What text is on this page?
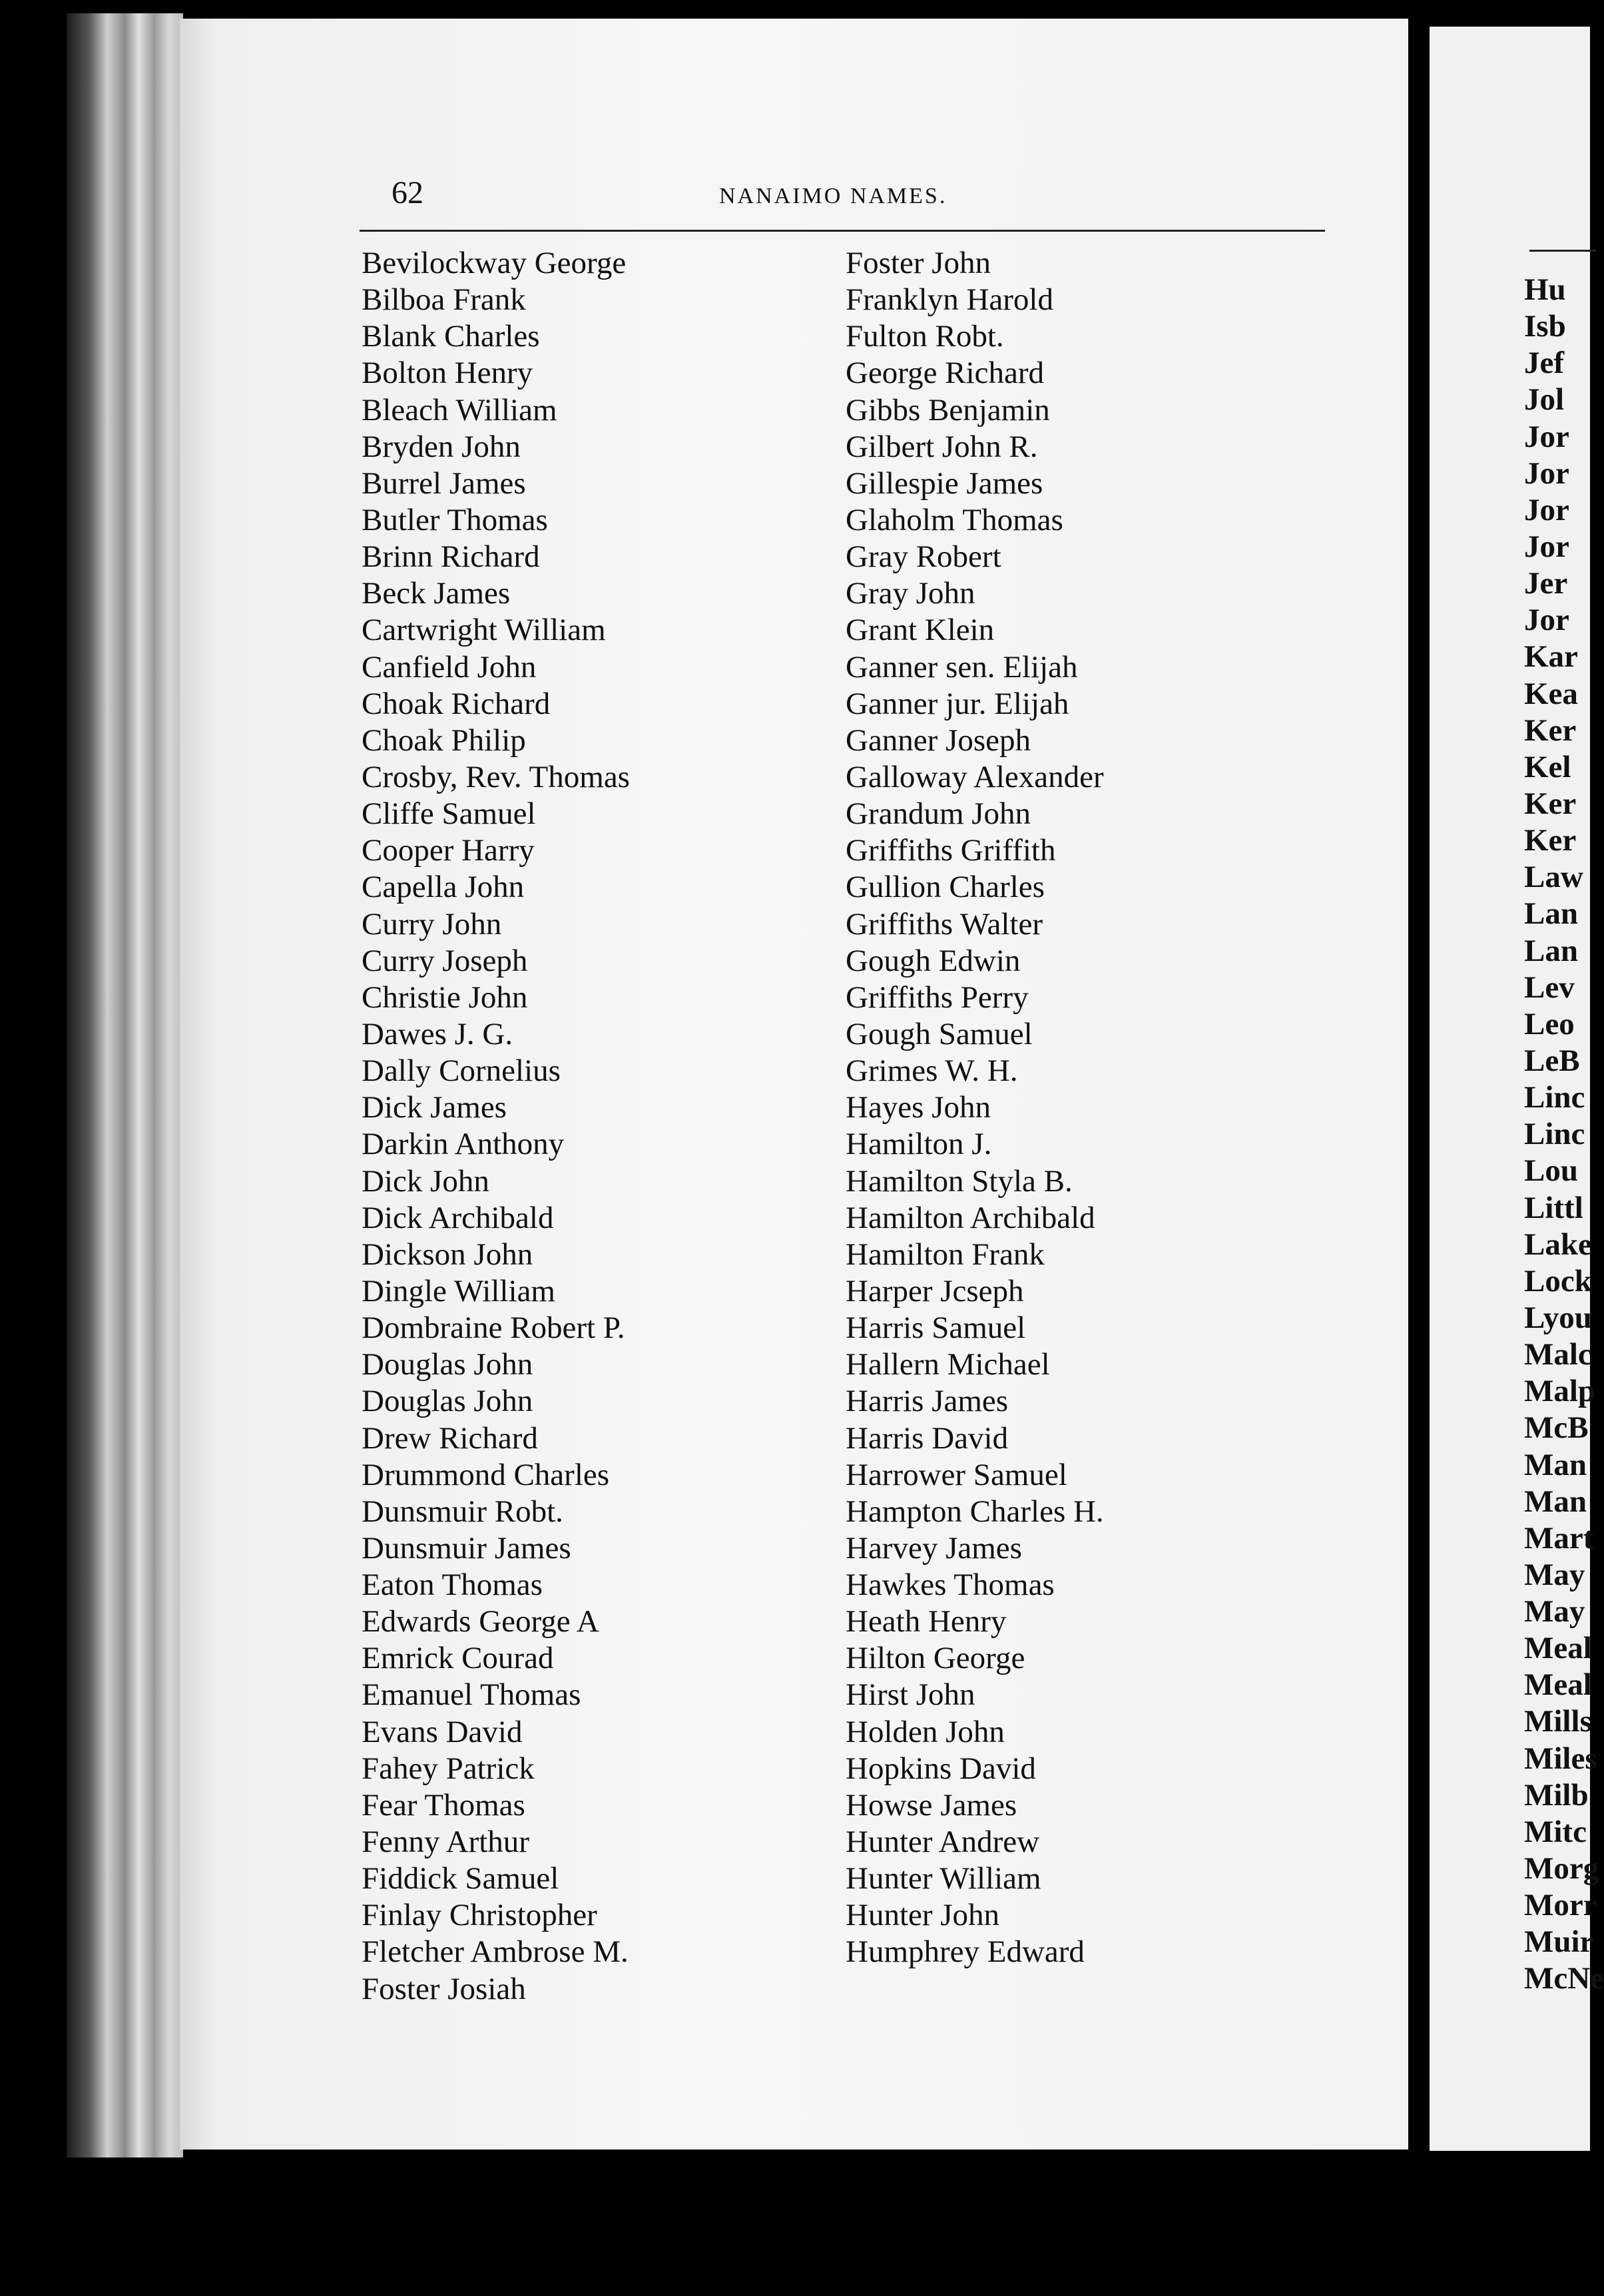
62	NANAIMO NAMES.
Bevilockway George
Bilboa Frank
Blank Charles
Bolton Henry
Bleach William
Bryden John
Burrel James
Butler Thomas
Brinn Richard
Beck James
Cartwright William
Canfield John
Choak Richard
Choak Philip
Crosby, Rev. Thomas
Cliffe Samuel
Cooper Harry
Capella John
Curry John
Curry Joseph
Christie John
Dawes J. G.
Dally Cornelius
Dick James
Darkin Anthony
Dick John
Dick Archibald
Dickson John
Dingle William
Dombraine Robert P.
Douglas John
Douglas John
Drew Richard
Drummond Charles
Dunsmuir Robt.
Dunsmuir James
Eaton Thomas
Edwards George A
Emrick Courad
Emanuel Thomas
Evans David
Fahey Patrick
Fear Thomas
Fenny Arthur
Fiddick Samuel
Finlay Christopher
Fletcher Ambrose M.
Foster Josiah
Foster John
Franklyn Harold
Fulton Robt.
George Richard
Gibbs Benjamin
Gilbert John R.
Gillespie James
Glaholm Thomas
Gray Robert
Gray John
Grant Klein
Ganner sen. Elijah
Ganner jur. Elijah
Ganner Joseph
Galloway Alexander
Grandum John
Griffiths Griffith
Gullion Charles
Griffiths Walter
Gough Edwin
Griffiths Perry
Gough Samuel
Grimes W. H.
Hayes John
Hamilton J.
Hamilton Styla B.
Hamilton Archibald
Hamilton Frank
Harper Jcseph
Harris Samuel
Hallern Michael
Harris James
Harris David
Harrower Samuel
Hampton Charles H.
Harvey James
Hawkes Thomas
Heath Henry
Hilton George
Hirst John
Holden John
Hopkins David
Howse James
Hunter Andrew
Hunter William
Hunter John
Humphrey Edward
Hu
Isb
Jef
Jol
Jor
Jor
Jor
Jor
Jer
Jor
Kar
Kea
Ker
Kel
Ker
Ker
Law
Lan
Lan
Lev
Leo
LeB
Linc
Linc
Lou
Littl
Lake
Lock
Lyou
Malc
Malp
McB
Man
Man
Mart
May
May
Meal
Meal
Mills
Miles
Milb
Mitc
Morg
Morr
Muir
McNe
